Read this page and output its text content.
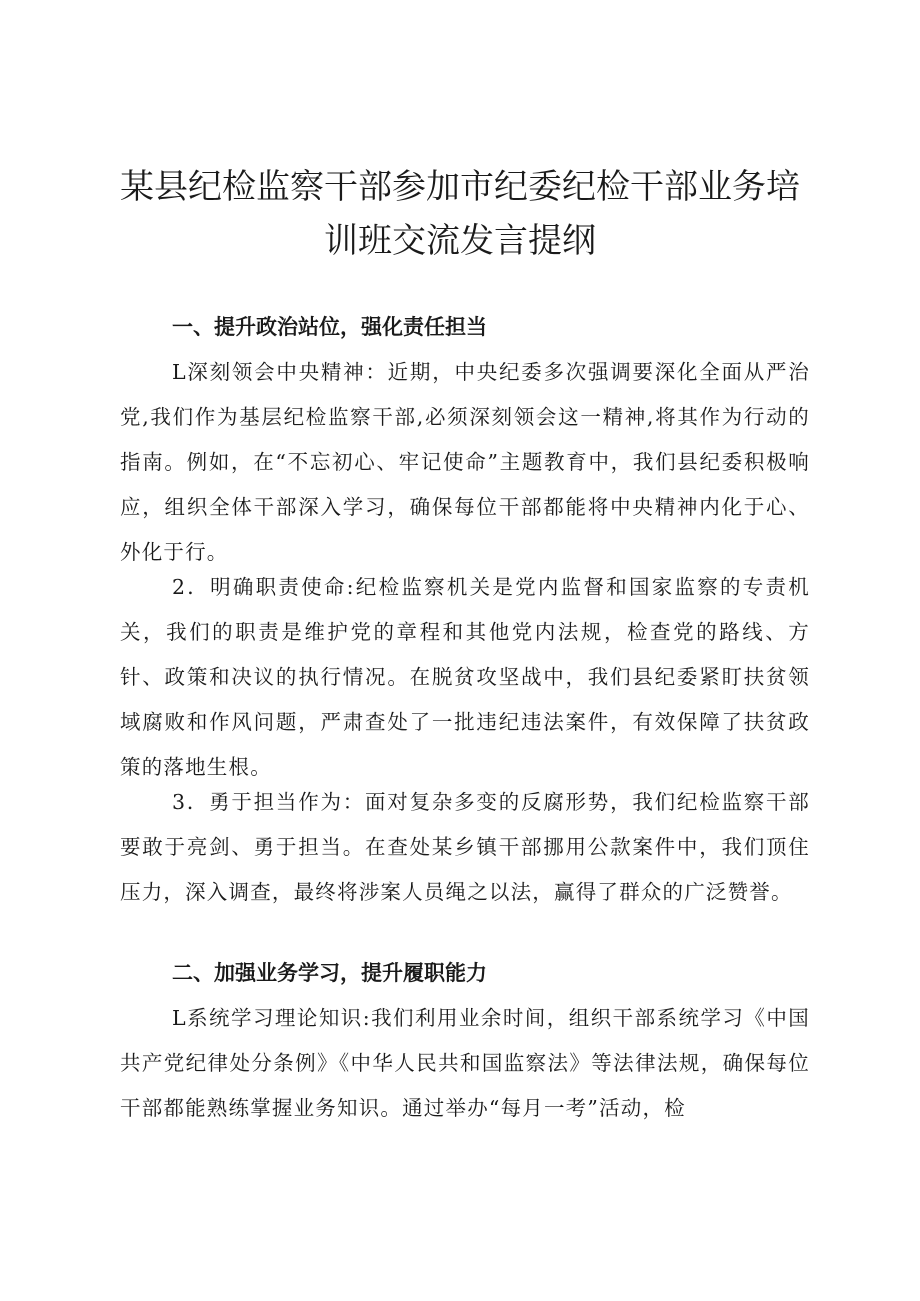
某县纪检监察干部参加市纪委纪检干部业务培训班交流发言提纲
一、提升政治站位，强化责任担当

L深刻领会中央精神：近期，中央纪委多次强调要深化全面从严治党,我们作为基层纪检监察干部,必须深刻领会这一精神,将其作为行动的指南。例如，在“不忘初心、牢记使命”主题教育中，我们县纪委积极响应，组织全体干部深入学习，确保每位干部都能将中央精神内化于心、外化于行。

2．明确职责使命:纪检监察机关是党内监督和国家监察的专责机关，我们的职责是维护党的章程和其他党内法规，检查党的路线、方针、政策和决议的执行情况。在脱贫攻坚战中，我们县纪委紧盯扶贫领域腐败和作风问题，严肃查处了一批违纪违法案件，有效保障了扶贫政策的落地生根。

3．勇于担当作为：面对复杂多变的反腐形势，我们纪检监察干部要敢于亮剑、勇于担当。在查处某乡镇干部挪用公款案件中，我们顶住压力，深入调查，最终将涉案人员绳之以法，赢得了群众的广泛赞誉。

二、加强业务学习，提升履职能力

L系统学习理论知识:我们利用业余时间，组织干部系统学习《中国共产党纪律处分条例》《中华人民共和国监察法》等法律法规，确保每位干部都能熟练掌握业务知识。通过举办“每月一考”活动，检
